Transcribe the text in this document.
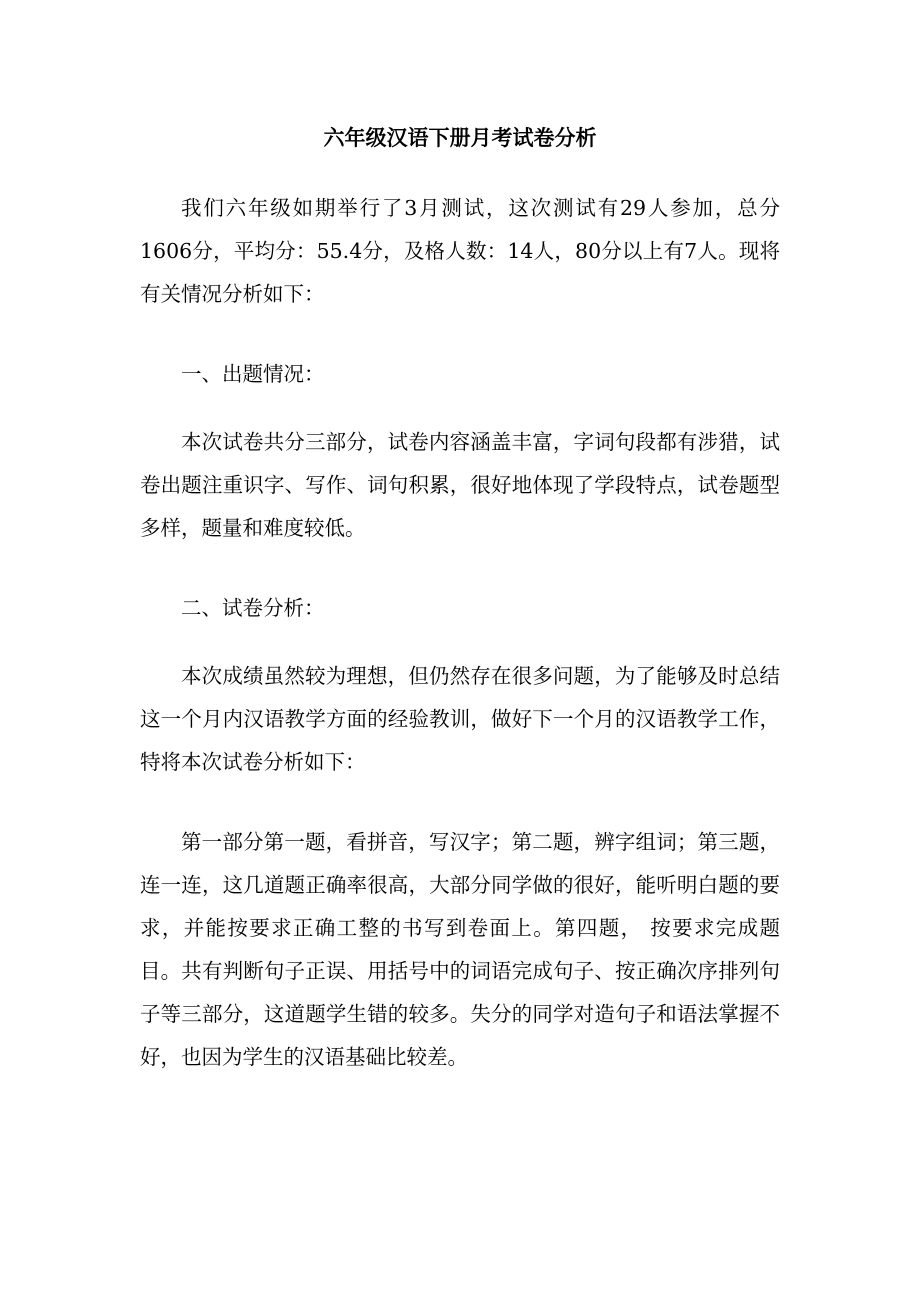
六年级汉语下册月考试卷分析

我们六年级如期举行了3月测试，这次测试有29人参加，总分1606分，平均分：55.4分，及格人数：14人，80分以上有7人。现将有关情况分析如下：

一、出题情况：

本次试卷共分三部分，试卷内容涵盖丰富，字词句段都有涉猎，试卷出题注重识字、写作、词句积累，很好地体现了学段特点，试卷题型多样，题量和难度较低。

二、试卷分析：

本次成绩虽然较为理想，但仍然存在很多问题，为了能够及时总结这一个月内汉语教学方面的经验教训，做好下一个月的汉语教学工作，特将本次试卷分析如下：

第一部分第一题，看拼音，写汉字；第二题，辨字组词；第三题，连一连，这几道题正确率很高，大部分同学做的很好，能听明白题的要求，并能按要求正确工整的书写到卷面上。第四题， 按要求完成题目。共有判断句子正误、用括号中的词语完成句子、按正确次序排列句子等三部分，这道题学生错的较多。失分的同学对造句子和语法掌握不好，也因为学生的汉语基础比较差。
